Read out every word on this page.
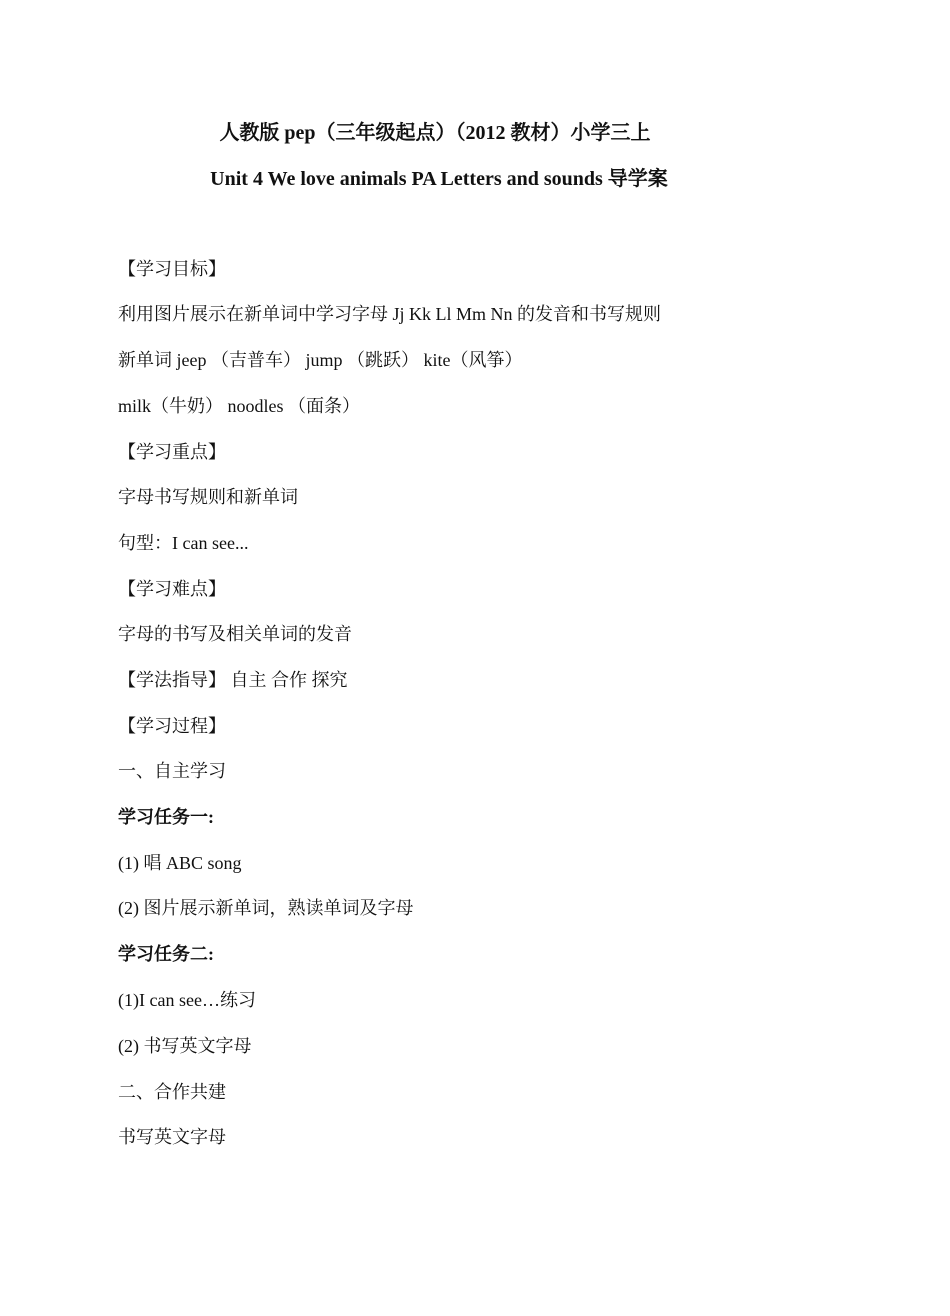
人教版 pep（三年级起点）（2012 教材）小学三上
Unit 4 We love animals PA Letters and sounds 导学案
【学习目标】
利用图片展示在新单词中学习字母 Jj Kk Ll Mm Nn 的发音和书写规则
新单词 jeep （吉普车） jump （跳跃） kite（风筝）
milk（牛奶） noodles （面条）
【学习重点】
字母书写规则和新单词
句型：I can see...
【学习难点】
字母的书写及相关单词的发音
【学法指导】 自主 合作 探究
【学习过程】
一、自主学习
学习任务一:
(1) 唱 ABC song
(2) 图片展示新单词，熟读单词及字母
学习任务二:
(1)I can see…练习
(2) 书写英文字母
二、合作共建
书写英文字母
